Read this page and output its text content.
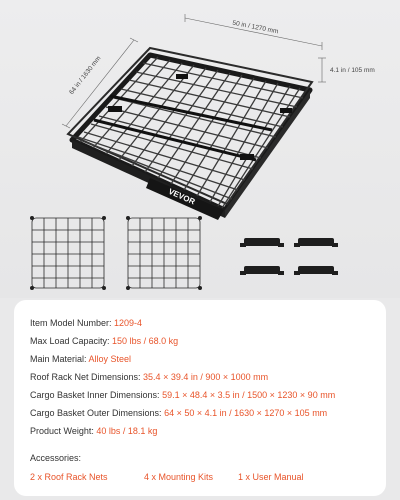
VEVOR
50 in / 1270 mm
64 in / 1630 mm	4.1 in / 105 mm
Item Model Number: 1209-4
Max Load Capacity: 150 lbs / 68.0 kg
Main Material: Alloy Steel
Roof Rack Net Dimensions: 35.4 × 39.4 in / 900 × 1000 mm
Cargo Basket Inner Dimensions: 59.1 × 48.4 × 3.5 in / 1500 × 1230 × 90 mm
Cargo Basket Outer Dimensions: 64 × 50 × 4.1 in / 1630 × 1270 × 105 mm
Product Weight: 40 lbs / 18.1 kg
Accessories:
2 x Roof Rack Nets	4 x Mounting Kits	1 x User Manual
